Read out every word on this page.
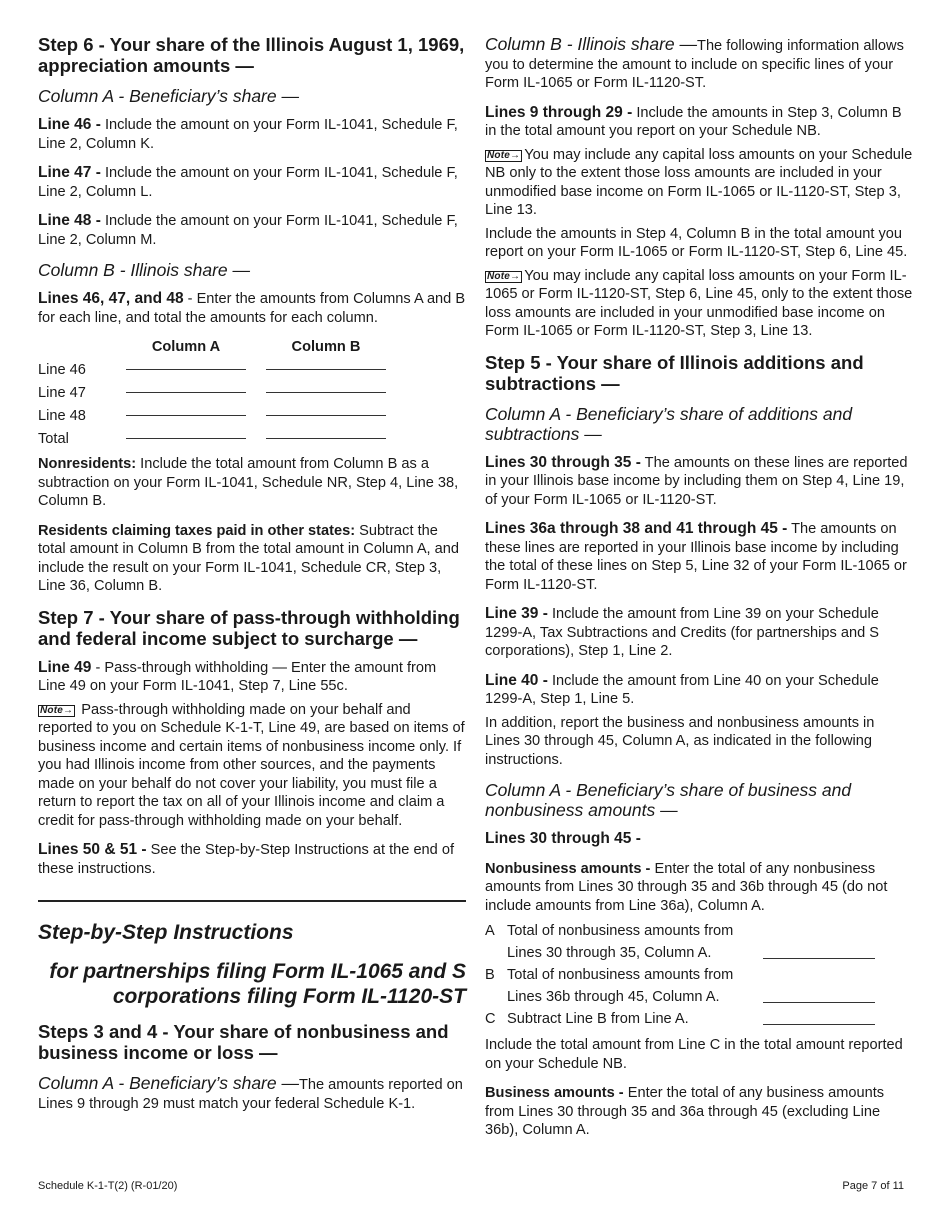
Step 6 - Your share of the Illinois August 1, 1969, appreciation amounts —
Column A - Beneficiary’s share —

Line 46 - Include the amount on your Form IL-1041, Schedule F, Line 2, Column K.

Line 47 - Include the amount on your Form IL-1041, Schedule F, Line 2, Column L.

Line 48 - Include the amount on your Form IL-1041, Schedule F, Line 2, Column M.

Column B - Illinois share —

Lines 46, 47, and 48 - Enter the amounts from Columns A and B for each line, and total the amounts for each column.

Column A	Column B
Line 46
Line 47
Line 48
Total

Nonresidents: Include the total amount from Column B as a subtraction on your Form IL-1041, Schedule NR, Step 4, Line 38, Column B.

Residents claiming taxes paid in other states: Subtract the total amount in Column B from the total amount in Column A, and include the result on your Form IL-1041, Schedule CR, Step 3, Line 36, Column B.

Step 7 - Your share of pass-through withholding and federal income subject to surcharge —

Line 49 - Pass-through withholding — Enter the amount from Line 49 on your Form IL-1041, Step 7, Line 55c.

Note→ Pass-through withholding made on your behalf and reported to you on Schedule K-1-T, Line 49, are based on items of business income and certain items of nonbusiness income only. If you had Illinois income from other sources, and the payments made on your behalf do not cover your liability, you must file a return to report the tax on all of your Illinois income and claim a credit for pass-through withholding made on your behalf.

Lines 50 & 51 - See the Step-by-Step Instructions at the end of these instructions.

Step-by-Step Instructions
for partnerships filing Form IL-1065 and S corporations filing Form IL-1120-ST
Steps 3 and 4 - Your share of nonbusiness and business income or loss —

Column A - Beneficiary’s share —The amounts reported on Lines 9 through 29 must match your federal Schedule K-1.

Column B - Illinois share —The following information allows you to determine the amount to include on specific lines of your Form IL-1065 or Form IL-1120-ST.

Lines 9 through 29 - Include the amounts in Step 3, Column B in the total amount you report on your Schedule NB.

Note→ You may include any capital loss amounts on your Schedule NB only to the extent those loss amounts are included in your unmodified base income on Form IL-1065 or IL-1120-ST, Step 3, Line 13.

Include the amounts in Step 4, Column B in the total amount you report on your Form IL-1065 or Form IL-1120-ST, Step 6, Line 45.

Note→ You may include any capital loss amounts on your Form IL-1065 or Form IL-1120-ST, Step 6, Line 45, only to the extent those loss amounts are included in your unmodified base income on Form IL-1065 or Form IL-1120-ST, Step 3, Line 13.

Step 5 - Your share of Illinois additions and subtractions —
Column A - Beneficiary’s share of additions and subtractions —

Lines 30 through 35 - The amounts on these lines are reported in your Illinois base income by including them on Step 4, Line 19, of your Form IL-1065 or IL-1120-ST.

Lines 36a through 38 and 41 through 45 - The amounts on these lines are reported in your Illinois base income by including the total of these lines on Step 5, Line 32 of your Form IL-1065 or Form IL-1120-ST.

Line 39 - Include the amount from Line 39 on your Schedule 1299-A, Tax Subtractions and Credits (for partnerships and S corporations), Step 1, Line 2.

Line 40 - Include the amount from Line 40 on your Schedule 1299-A, Step 1, Line 5.

In addition, report the business and nonbusiness amounts in Lines 30 through 45, Column A, as indicated in the following instructions.

Column A - Beneficiary’s share of business and nonbusiness amounts —

Lines 30 through 45 -

Nonbusiness amounts - Enter the total of any nonbusiness amounts from Lines 30 through 35 and 36b through 45 (do not include amounts from Line 36a), Column A.

A Total of nonbusiness amounts from
Lines 30 through 35, Column A.
B Total of nonbusiness amounts from
Lines 36b through 45, Column A.
C Subtract Line B from Line A.

Include the total amount from Line C in the total amount reported on your Schedule NB.

Business amounts - Enter the total of any business amounts from Lines 30 through 35 and 36a through 45 (excluding Line 36b), Column A.

Schedule K-1-T(2) (R-01/20)	Page 7 of 11
